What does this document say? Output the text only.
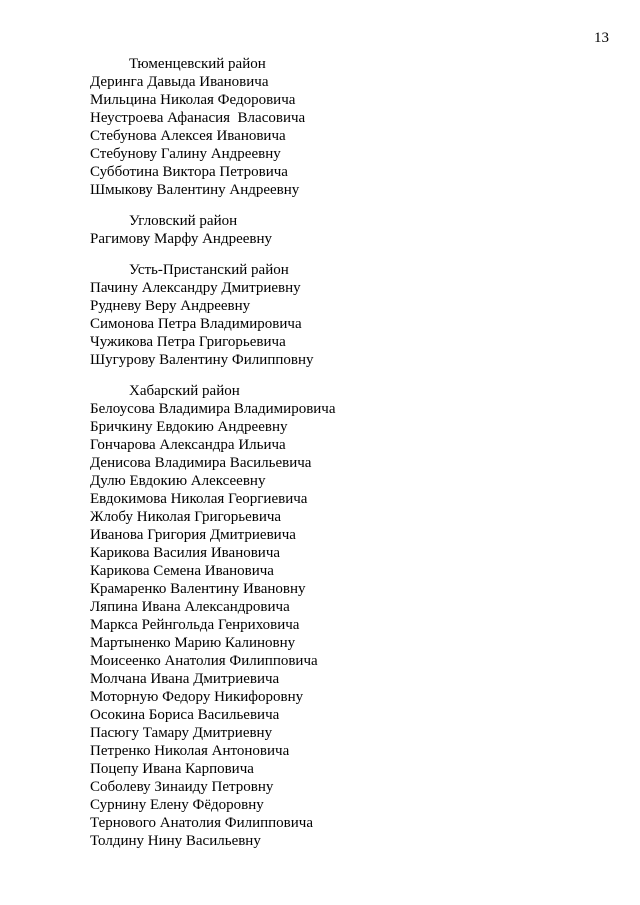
13
Тюменцевский район
Деринга Давыда Ивановича
Мильцина Николая Федоровича
Неустроева Афанасия  Власовича
Стебунова Алексея Ивановича
Стебунову Галину Андреевну
Субботина Виктора Петровича
Шмыкову Валентину Андреевну
Угловский район
Рагимову Марфу Андреевну
Усть-Пристанский район
Пачину Александру Дмитриевну
Рудневу Веру Андреевну
Симонова Петра Владимировича
Чужикова Петра Григорьевича
Шугурову Валентину Филипповну
Хабарский район
Белоусова Владимира Владимировича
Бричкину Евдокию Андреевну
Гончарова Александра Ильича
Денисова Владимира Васильевича
Дулю Евдокию Алексеевну
Евдокимова Николая Георгиевича
Жлобу Николая Григорьевича
Иванова Григория Дмитриевича
Карикова Василия Ивановича
Карикова Семена Ивановича
Крамаренко Валентину Ивановну
Ляпина Ивана Александровича
Маркса Рейнгольда Генриховича
Мартыненко Марию Калиновну
Моисеенко Анатолия Филипповича
Молчана Ивана Дмитриевича
Моторную Федору Никифоровну
Осокина Бориса Васильевича
Пасюгу Тамару Дмитриевну
Петренко Николая Антоновича
Поцепу Ивана Карповича
Соболеву Зинаиду Петровну
Сурнину Елену Фёдоровну
Тернового Анатолия Филипповича
Толдину Нину Васильевну
